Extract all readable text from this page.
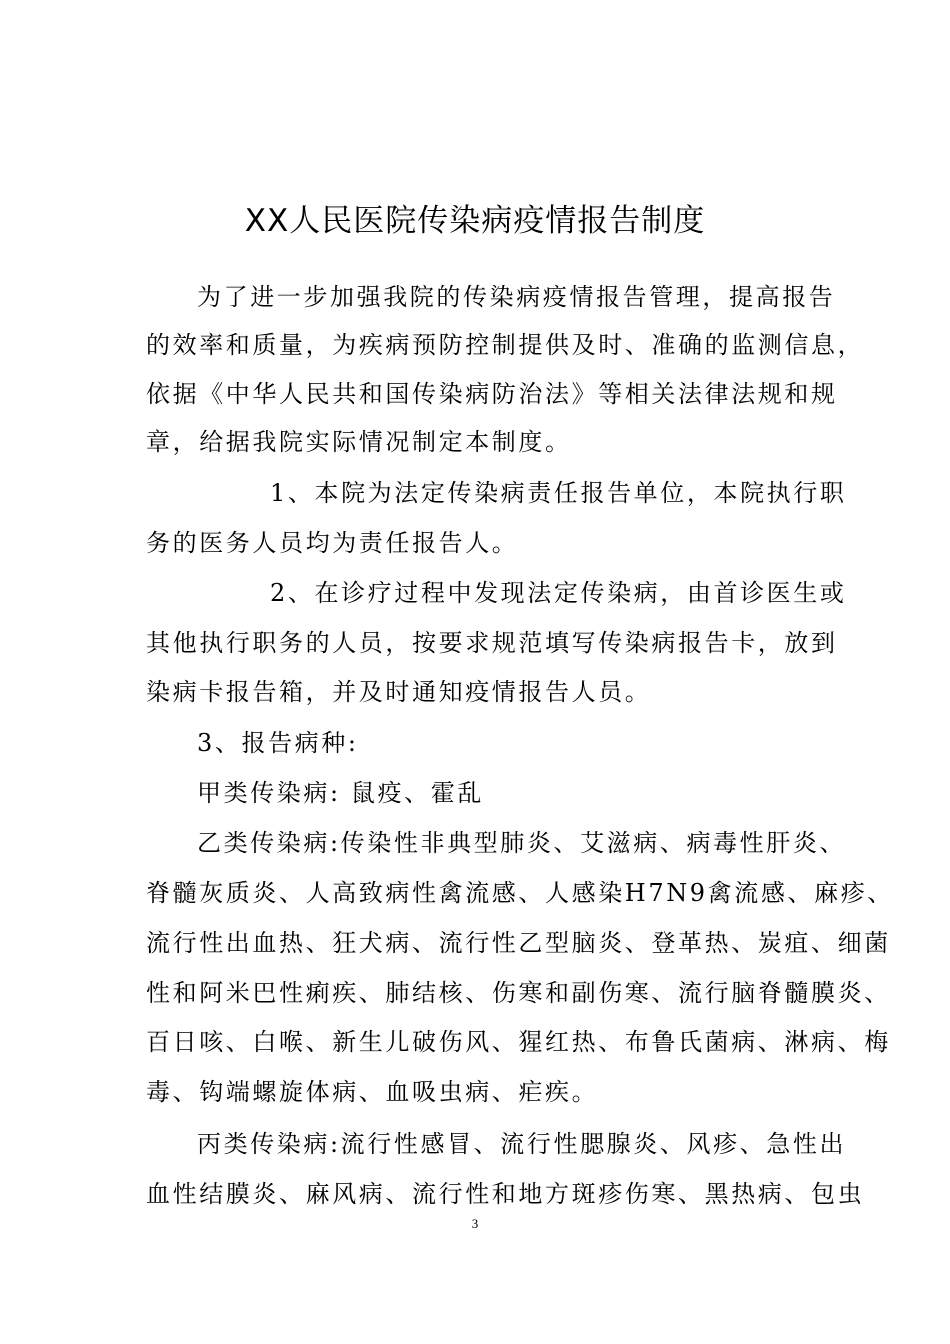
XX人民医院传染病疫情报告制度

为了进一步加强我院的传染病疫情报告管理，提高报告

的效率和质量，为疾病预防控制提供及时、准确的监测信息，

依据《中华人民共和国传染病防治法》等相关法律法规和规

章，给据我院实际情况制定本制度。

1、本院为法定传染病责任报告单位，本院执行职

务的医务人员均为责任报告人。

2、在诊疗过程中发现法定传染病，由首诊医生或

其他执行职务的人员，按要求规范填写传染病报告卡，放到

染病卡报告箱，并及时通知疫情报告人员。

3、报告病种:

甲类传染病: 鼠疫、霍乱

乙类传染病:传染性非典型肺炎、艾滋病、病毒性肝炎、

脊髓灰质炎、人高致病性禽流感、人感染H7N9禽流感、麻疹、

流行性出血热、狂犬病、流行性乙型脑炎、登革热、炭疽、细菌

性和阿米巴性痢疾、肺结核、伤寒和副伤寒、流行脑脊髓膜炎、

百日咳、白喉、新生儿破伤风、猩红热、布鲁氏菌病、淋病、梅

毒、钩端螺旋体病、血吸虫病、疟疾。

丙类传染病:流行性感冒、流行性腮腺炎、风疹、急性出

血性结膜炎、麻风病、流行性和地方斑疹伤寒、黑热病、包虫

3
